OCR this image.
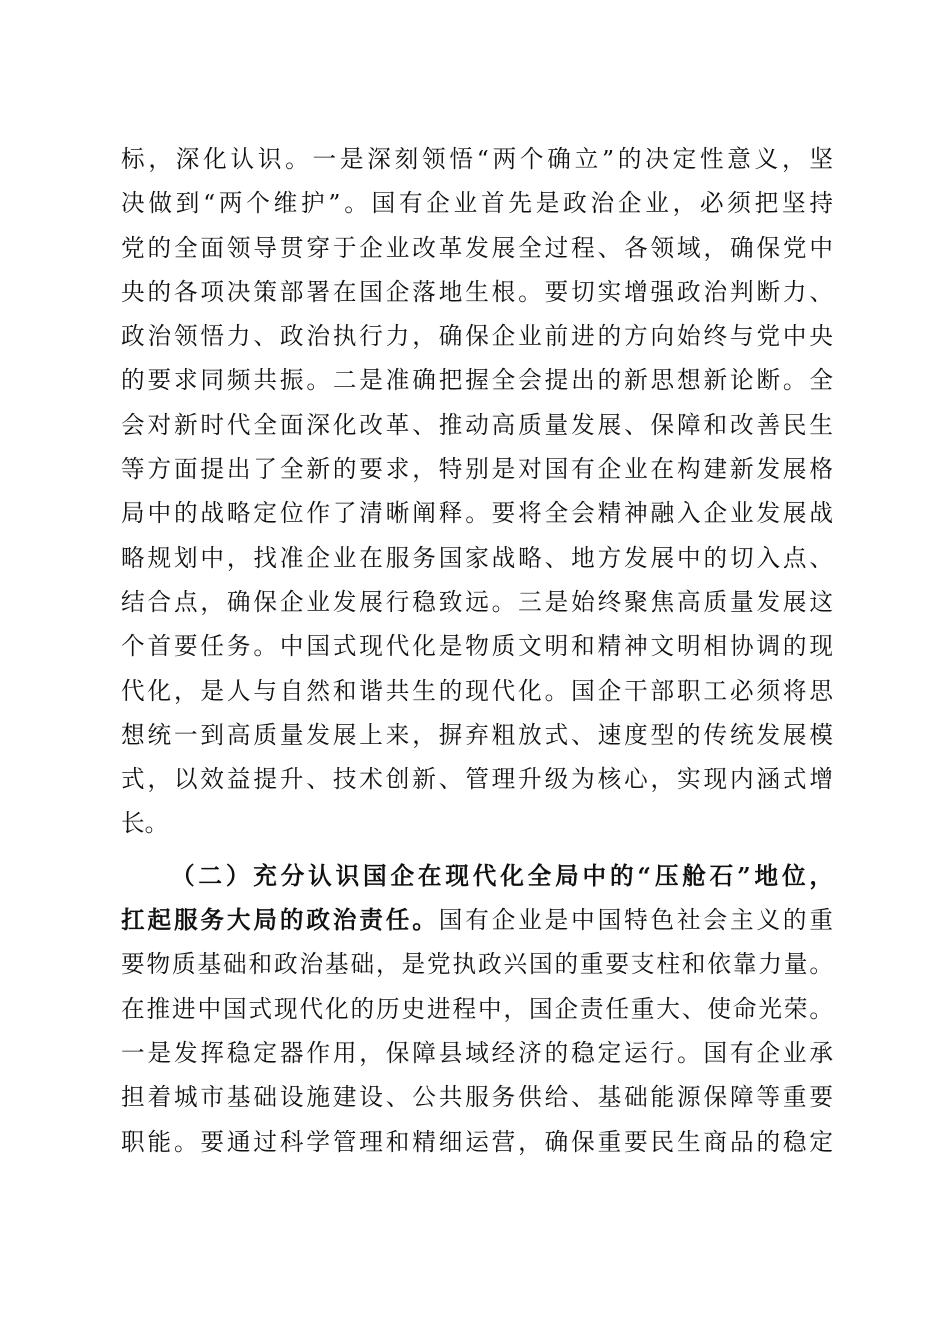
标，深化认识。一是深刻领悟“两个确立”的决定性意义，坚
决做到“两个维护”。国有企业首先是政治企业，必须把坚持
党的全面领导贯穿于企业改革发展全过程、各领域，确保党中
央的各项决策部署在国企落地生根。要切实增强政治判断力、
政治领悟力、政治执行力，确保企业前进的方向始终与党中央
的要求同频共振。二是准确把握全会提出的新思想新论断。全
会对新时代全面深化改革、推动高质量发展、保障和改善民生
等方面提出了全新的要求，特别是对国有企业在构建新发展格
局中的战略定位作了清晰阐释。要将全会精神融入企业发展战
略规划中，找准企业在服务国家战略、地方发展中的切入点、
结合点，确保企业发展行稳致远。三是始终聚焦高质量发展这
个首要任务。中国式现代化是物质文明和精神文明相协调的现
代化，是人与自然和谐共生的现代化。国企干部职工必须将思
想统一到高质量发展上来，摒弃粗放式、速度型的传统发展模
式，以效益提升、技术创新、管理升级为核心，实现内涵式增
长。
（二）充分认识国企在现代化全局中的“压舱石”地位，
扛起服务大局的政治责任。国有企业是中国特色社会主义的重
要物质基础和政治基础，是党执政兴国的重要支柱和依靠力量。
在推进中国式现代化的历史进程中，国企责任重大、使命光荣。
一是发挥稳定器作用，保障县域经济的稳定运行。国有企业承
担着城市基础设施建设、公共服务供给、基础能源保障等重要
职能。要通过科学管理和精细运营，确保重要民生商品的稳定
